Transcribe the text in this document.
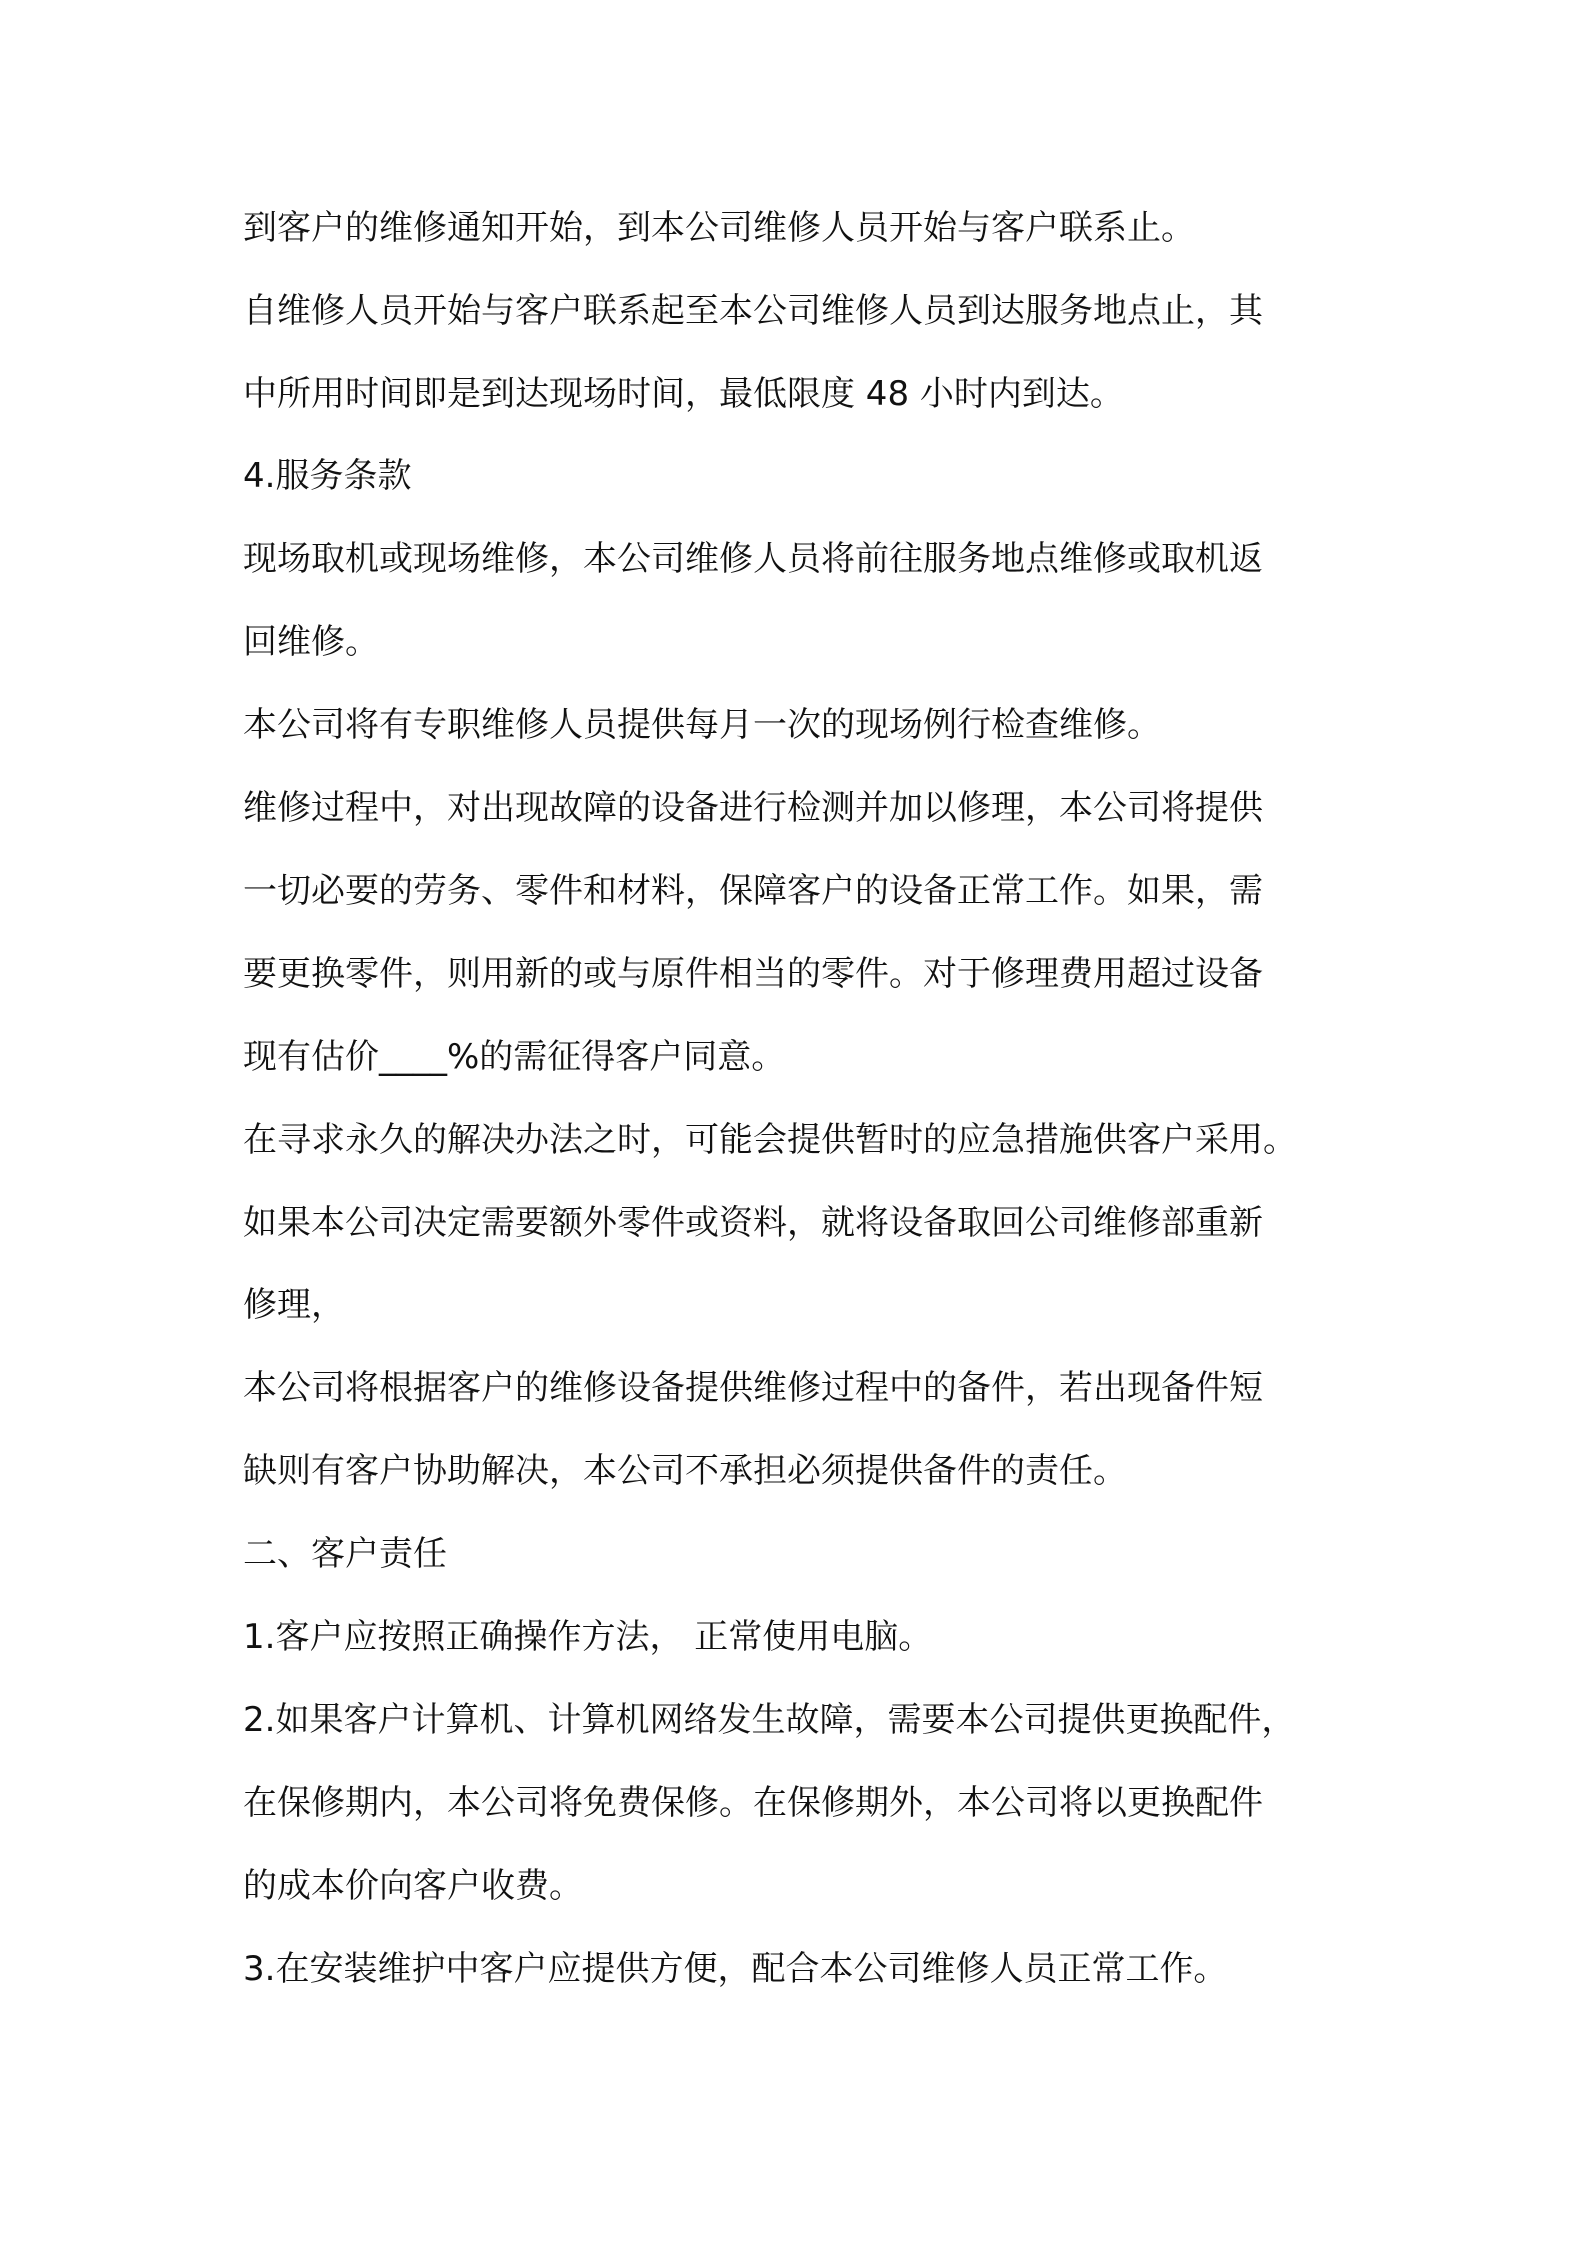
到客户的维修通知开始，到本公司维修人员开始与客户联系止。

自维修人员开始与客户联系起至本公司维修人员到达服务地点止，其

中所用时间即是到达现场时间，最低限度 48 小时内到达。

4.服务条款

现场取机或现场维修，本公司维修人员将前往服务地点维修或取机返

回维修。

本公司将有专职维修人员提供每月一次的现场例行检查维修。

维修过程中，对出现故障的设备进行检测并加以修理，本公司将提供

一切必要的劳务、零件和材料，保障客户的设备正常工作。如果，需

要更换零件，则用新的或与原件相当的零件。对于修理费用超过设备

现有估价____%的需征得客户同意。

在寻求永久的解决办法之时，可能会提供暂时的应急措施供客户采用。

如果本公司决定需要额外零件或资料，就将设备取回公司维修部重新

修理，

本公司将根据客户的维修设备提供维修过程中的备件，若出现备件短

缺则有客户协助解决，本公司不承担必须提供备件的责任。

二、客户责任

1.客户应按照正确操作方法， 正常使用电脑。

2.如果客户计算机、计算机网络发生故障，需要本公司提供更换配件，

在保修期内，本公司将免费保修。在保修期外，本公司将以更换配件

的成本价向客户收费。

3.在安装维护中客户应提供方便，配合本公司维修人员正常工作。
